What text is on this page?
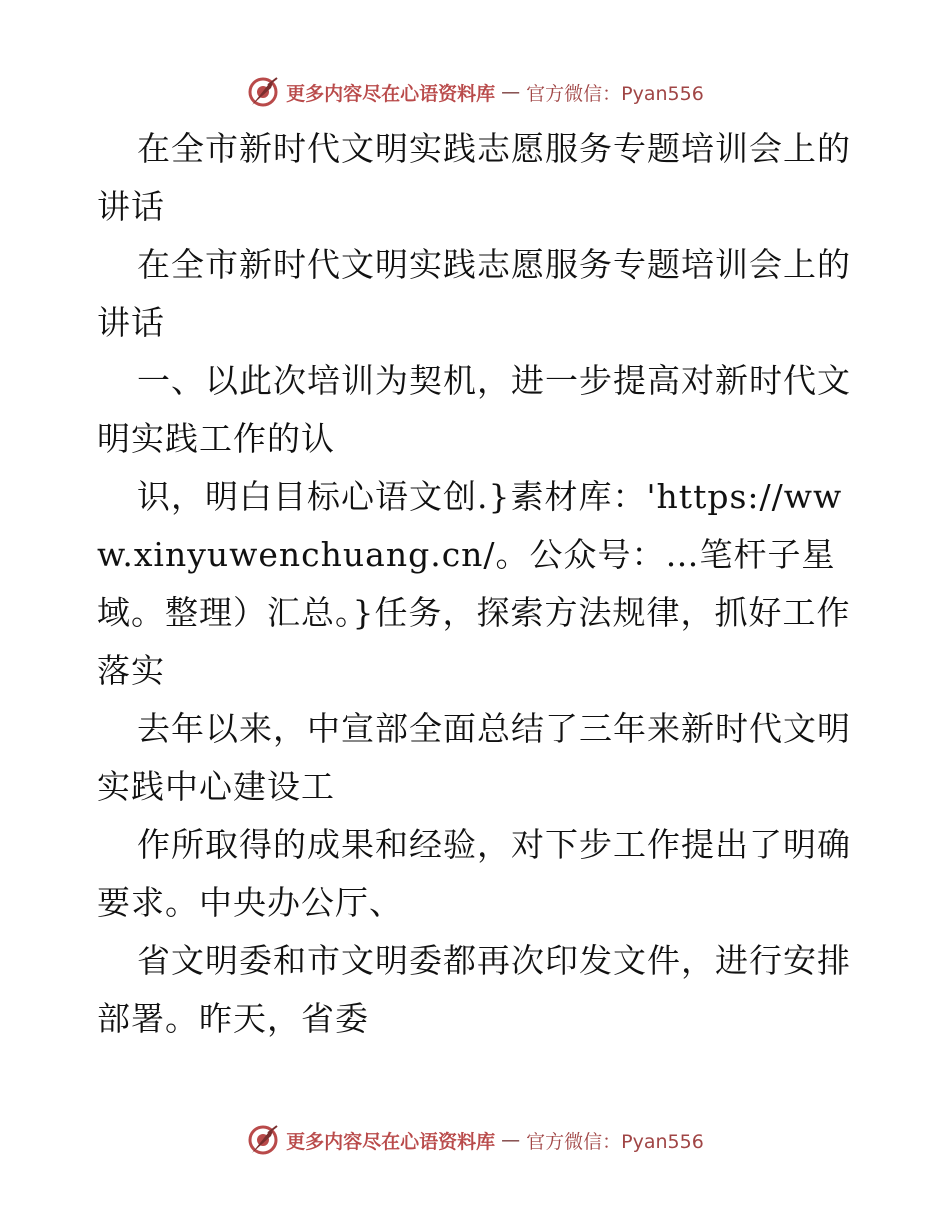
更多内容尽在心语资料库 — 官方微信：Pyan556

在全市新时代文明实践志愿服务专题培训会上的讲话

在全市新时代文明实践志愿服务专题培训会上的讲话

一、以此次培训为契机，进一步提高对新时代文明实践工作的认

识，明白目标心语文创.}素材库：'https://www.xinyuwenchuang.cn/。公众号：…笔杆子星域。整理）汇总。}任务，探索方法规律，抓好工作落实

去年以来，中宣部全面总结了三年来新时代文明实践中心建设工

作所取得的成果和经验，对下步工作提出了明确要求。中央办公厅、

省文明委和市文明委都再次印发文件，进行安排部署。昨天，省委

更多内容尽在心语资料库 — 官方微信：Pyan556
